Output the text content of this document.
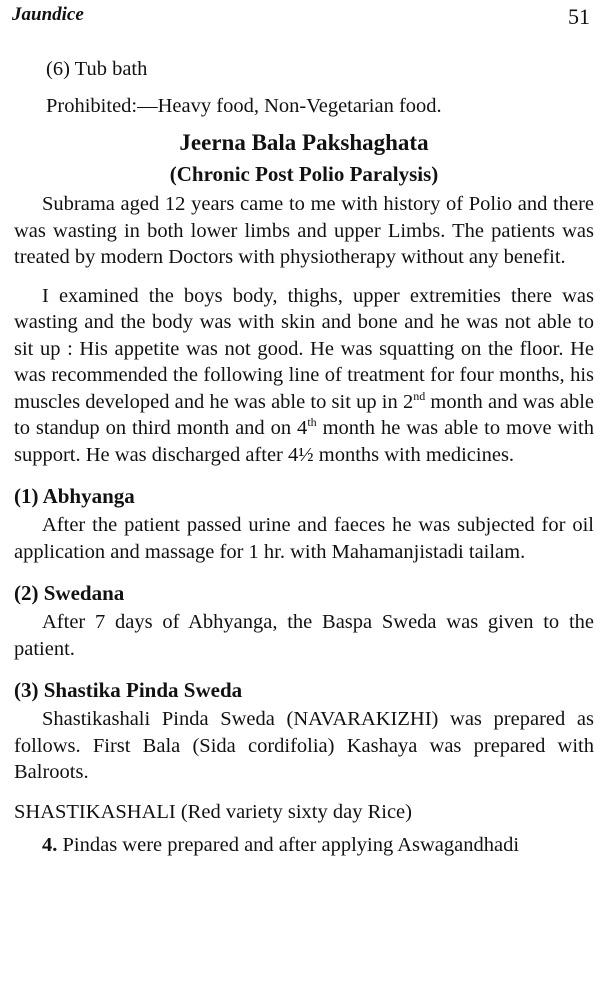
Jaundice	51

(6) Tub bath

Prohibited:—Heavy food, Non-Vegetarian food.

Jeerna Bala Pakshaghata
(Chronic Post Polio Paralysis)

Subrama aged 12 years came to me with history of Polio and there was wasting in both lower limbs and upper Limbs. The patients was treated by modern Doctors with physiotherapy without any benefit.

I examined the boys body, thighs, upper extremities there was wasting and the body was with skin and bone and he was not able to sit up : His appetite was not good. He was squatting on the floor. He was recommended the following line of treatment for four months, his muscles developed and he was able to sit up in 2nd month and was able to standup on third month and on 4th month he was able to move with support. He was discharged after 4½ months with medicines.

(1) Abhyanga

After the patient passed urine and faeces he was subjected for oil application and massage for 1 hr. with Mahamanjistadi tailam.

(2) Swedana

After 7 days of Abhyanga, the Baspa Sweda was given to the patient.

(3) Shastika Pinda Sweda

Shastikashali Pinda Sweda (NAVARAKIZHI) was prepared as follows. First Bala (Sida cordifolia) Kashaya was prepared with Balroots.

SHASTIKASHALI (Red variety sixty day Rice)

4. Pindas were prepared and after applying Aswagandhadi
